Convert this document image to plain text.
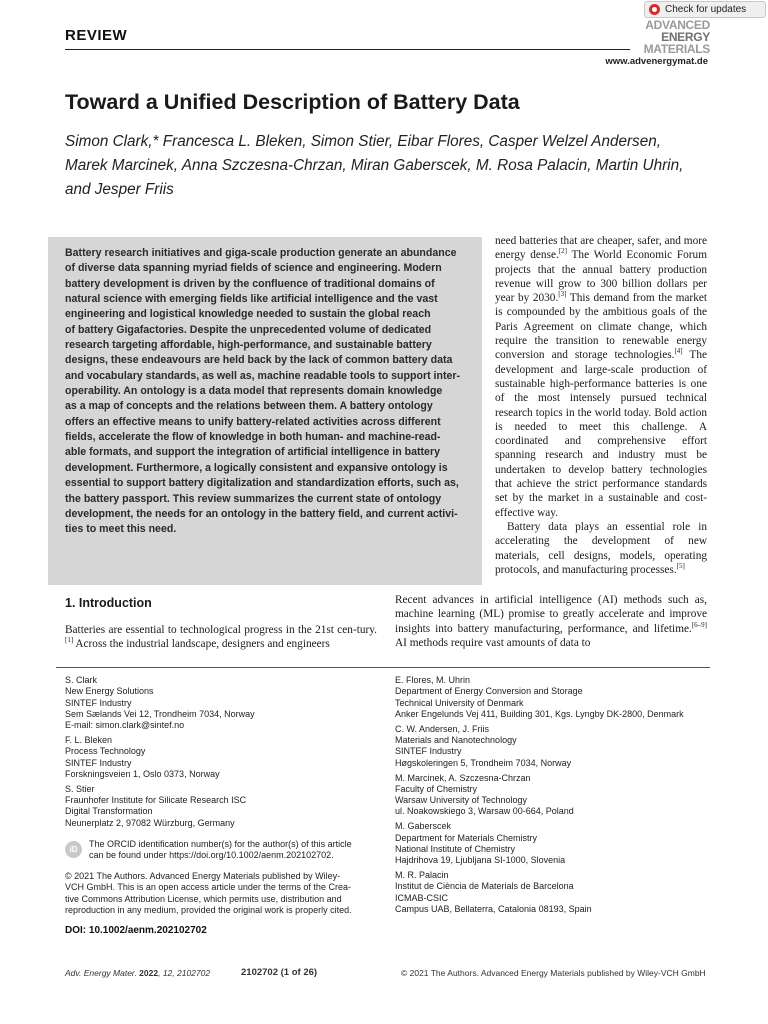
REVIEW
Check for updates
ADVANCED
ENERGY
MATERIALS
www.advenergymat.de
Toward a Unified Description of Battery Data
Simon Clark,* Francesca L. Bleken, Simon Stier, Eibar Flores, Casper Welzel Andersen,
Marek Marcinek, Anna Szczesna-Chrzan, Miran Gaberscek, M. Rosa Palacin, Martin Uhrin,
and Jesper Friis
Battery research initiatives and giga-scale production generate an abundance
of diverse data spanning myriad fields of science and engineering. Modern
battery development is driven by the confluence of traditional domains of
natural science with emerging fields like artificial intelligence and the vast
engineering and logistical knowledge needed to sustain the global reach
of battery Gigafactories. Despite the unprecedented volume of dedicated
research targeting affordable, high-performance, and sustainable battery
designs, these endeavours are held back by the lack of common battery data
and vocabulary standards, as well as, machine readable tools to support inter-
operability. An ontology is a data model that represents domain knowledge
as a map of concepts and the relations between them. A battery ontology
offers an effective means to unify battery-related activities across different
fields, accelerate the flow of knowledge in both human- and machine-read-
able formats, and support the integration of artificial intelligence in battery
development. Furthermore, a logically consistent and expansive ontology is
essential to support battery digitalization and standardization efforts, such as,
the battery passport. This review summarizes the current state of ontology
development, the needs for an ontology in the battery field, and current activi-
ties to meet this need.

need batteries that are cheaper, safer, and more energy dense.[2] The World Economic Forum projects that the annual battery production revenue will grow to 300 billion dollars per year by 2030.[3] This demand from the market is compounded by the ambitious goals of the Paris Agreement on climate change, which require the transition to renewable energy conversion and storage technologies.[4] The development and large-scale production of sustainable high-performance batteries is one of the most intensely pursued technical research topics in the world today. Bold action is needed to meet this challenge. A coordinated and comprehensive effort spanning research and industry must be undertaken to develop battery technologies that achieve the strict performance standards set by the market in a sustainable and cost-effective way.

Battery data plays an essential role in accelerating the development of new materials, cell designs, models, operating protocols, and manufacturing processes.[5]

Recent advances in artificial intelligence (AI) methods such as, machine learning (ML) promise to greatly accelerate and improve insights into battery manufacturing, performance, and lifetime.[6–9] AI methods require vast amounts of data to
1. Introduction
Batteries are essential to technological progress in the 21st cen-tury.[1] Across the industrial landscape, designers and engineers
S. Clark
New Energy Solutions
SINTEF Industry
Sem Sælands Vei 12, Trondheim 7034, Norway
E-mail: simon.clark@sintef.no
F. L. Bleken
Process Technology
SINTEF Industry
Forskningsveien 1, Oslo 0373, Norway
S. Stier
Fraunhofer Institute for Silicate Research ISC
Digital Transformation
Neunerplatz 2, 97082 Würzburg, Germany
iD
The ORCID identification number(s) for the author(s) of this article
can be found under https://doi.org/10.1002/aenm.202102702.
© 2021 The Authors. Advanced Energy Materials published by Wiley-
VCH GmbH. This is an open access article under the terms of the Crea-
tive Commons Attribution License, which permits use, distribution and
reproduction in any medium, provided the original work is properly cited.
DOI: 10.1002/aenm.202102702
E. Flores, M. Uhrin
Department of Energy Conversion and Storage
Technical University of Denmark
Anker Engelunds Vej 411, Building 301, Kgs. Lyngby DK-2800, Denmark
C. W. Andersen, J. Friis
Materials and Nanotechnology
SINTEF Industry
Høgskoleringen 5, Trondheim 7034, Norway
M. Marcinek, A. Szczesna-Chrzan
Faculty of Chemistry
Warsaw University of Technology
ul. Noakowskiego 3, Warsaw 00-664, Poland
M. Gaberscek
Department for Materials Chemistry
National Institute of Chemistry
Hajdrihova 19, Ljubljana SI-1000, Slovenia
M. R. Palacin
Institut de Ciència de Materials de Barcelona
ICMAB-CSIC
Campus UAB, Bellaterra, Catalonia 08193, Spain
Adv. Energy Mater. 2022, 12, 2102702	2102702 (1 of 26)	© 2021 The Authors. Advanced Energy Materials published by Wiley-VCH GmbH
